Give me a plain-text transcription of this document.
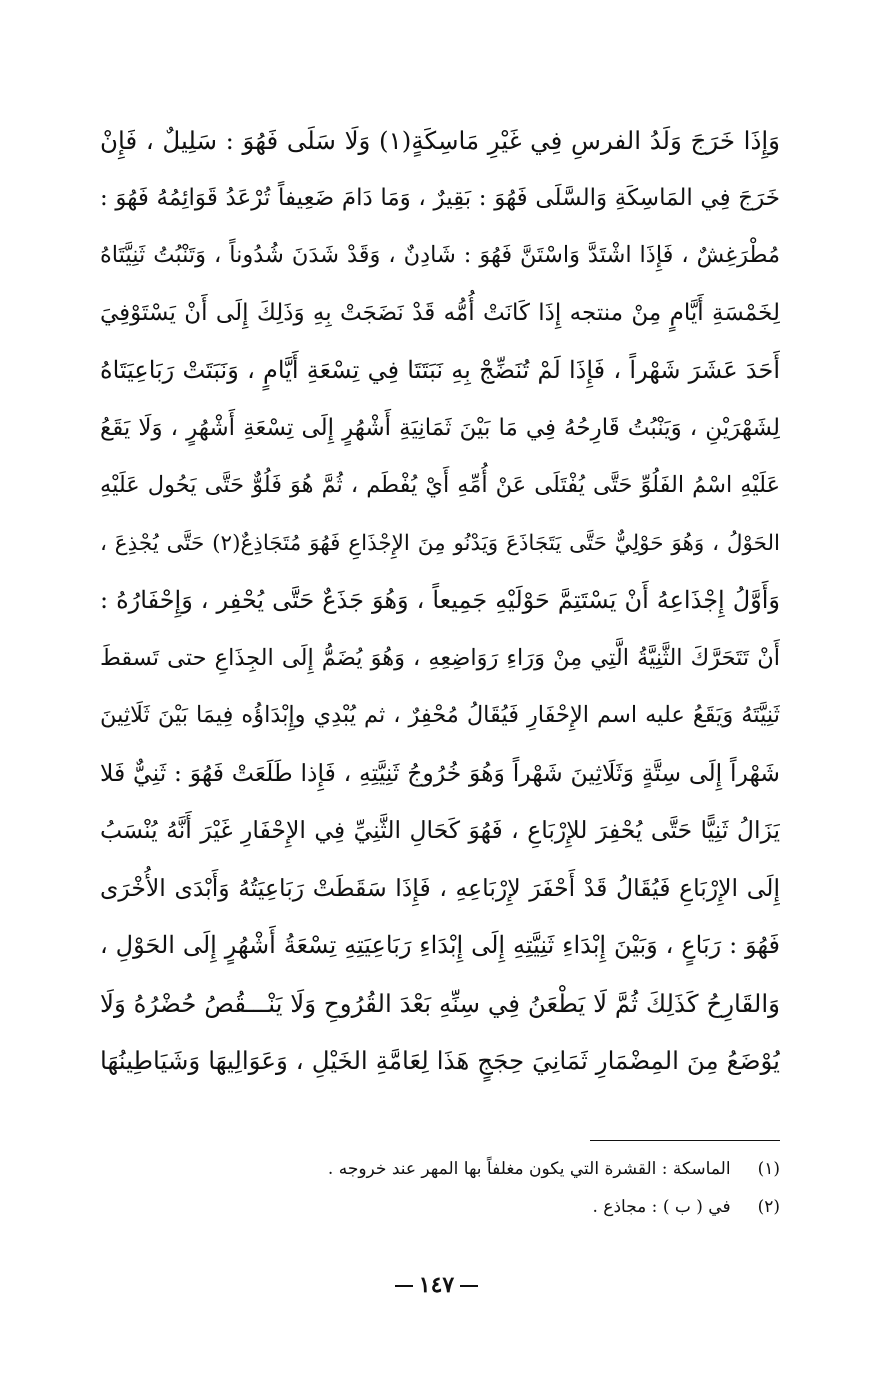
وَإِذَا خَرَجَ وَلَدُ الفرسِ فِي غَيْرِ مَاسِكَةٍ(١) وَلَا سَلَى فَهُوَ : سَلِيلٌ ، فَإِنْ
خَرَجَ فِي المَاسِكَةِ وَالسَّلَى فَهُوَ : بَقِيرٌ ، وَمَا دَامَ ضَعِيفاً تُرْعَدُ قَوَائِمُهُ فَهُوَ :
مُطْرَغِشٌ ، فَإِذَا اشْتَدَّ وَاسْتَنَّ فَهُوَ : شَادِنٌ ، وَقَدْ شَدَنَ شُدُوناً ، وَتَنْبُتُ ثَنِيَّتَاهُ
لِخَمْسَةِ أَيَّامٍ مِنْ منتجه إِذَا كَانَتْ أُمُّه قَدْ نَضَجَتْ بِهِ وَذَلِكَ إِلَى أَنْ يَسْتَوْفِيَ
أَحَدَ عَشَرَ شَهْراً ، فَإِذَا لَمْ تُنَضِّجْ بِهِ نَبَتَتَا فِي تِسْعَةِ أَيَّامٍ ، وَنَبَتَتْ رَبَاعِيَتَاهُ
لِشَهْرَيْنِ ، وَيَنْبُتُ قَارِحُهُ فِي مَا بَيْنَ ثَمَانِيَةِ أَشْهُرٍ إِلَى تِسْعَةِ أَشْهُرٍ ، وَلَا يَقَعُ
عَلَيْهِ اسْمُ الفَلُوِّ حَتَّى يُفْتَلَى عَنْ أُمِّهِ أَيْ يُفْطَم ، ثُمَّ هُوَ فَلُوٌّ حَتَّى يَحُول عَلَيْهِ
الحَوْلُ ، وَهُوَ حَوْلِيٌّ حَتَّى يَتَجَاذَعَ وَيَدْنُو مِنَ الإِجْذَاعِ فَهُوَ مُتَجَاذِعٌ(٢) حَتَّى يُجْذِعَ ،
وَأَوَّلُ إِجْذَاعِهُ أَنْ يَسْتَتِمَّ حَوْلَيْهِ جَمِيعاً ، وَهُوَ جَذَعٌ حَتَّى يُحْفِر ، وَإِحْفَارُهُ :
أَنْ تَتَحَرَّكَ الثَّنِيَّةُ الَّتِي مِنْ وَرَاءِ رَوَاضِعِهِ ، وَهُوَ يُضَمُّ إِلَى الجِذَاعِ حتى تَسقطَ
ثَنِيَّتَهُ وَيَقَعُ عليه اسم الإِحْفَارِ فَيُقَالُ مُحْفِرٌ ، ثم يُبْدِي وإِبْدَاؤُه فِيمَا بَيْنَ ثَلَاثِينَ
شَهْراً إِلَى سِتَّةٍ وَثَلَاثِينَ شَهْراً وَهُوَ خُرُوجُ ثَنِيَّتِهِ ، فَإِذا طَلَعَتْ فَهُوَ : ثَنِيٌّ فَلا
يَزَالُ ثَنِيًّا حَتَّى يُحْفِرَ للإِرْبَاعِ ، فَهُوَ كَحَالِ الثَّنِيِّ فِي الإِحْفَارِ غَيْرَ أَنَّهُ يُنْسَبُ
إِلَى الإِرْبَاعِ فَيُقَالُ قَدْ أَحْفَرَ لإِرْبَاعِهِ ، فَإِذَا سَقَطَتْ رَبَاعِيَتُهُ وَأَبْدَى الأُخْرَى
فَهُوَ : رَبَاعٍ ، وَبَيْنَ إِبْدَاءِ ثَنِيَّتِهِ إِلَى إِبْدَاءِ رَبَاعِيَتِهِ تِسْعَةُ أَشْهُرٍ إِلَى الحَوْلِ ،
وَالقَارِحُ كَذَلِكَ ثُمَّ لَا يَطْعَنُ فِي سِنِّهِ بَعْدَ القُرُوحِ وَلَا يَنْـــقُصُ حُضْرُهُ وَلَا
يُوْضَعُ مِنَ المِضْمَارِ ثَمَانِيَ حِجَجٍ هَذَا لِعَامَّةِ الخَيْلِ ، وَعَوَالِيهَا وَشَيَاطِينُهَا
(١) الماسكة : القشرة التي يكون مغلفاً بها المهر عند خروجه .
(٢) في ( ب ) : مجاذع .
١٤٧
